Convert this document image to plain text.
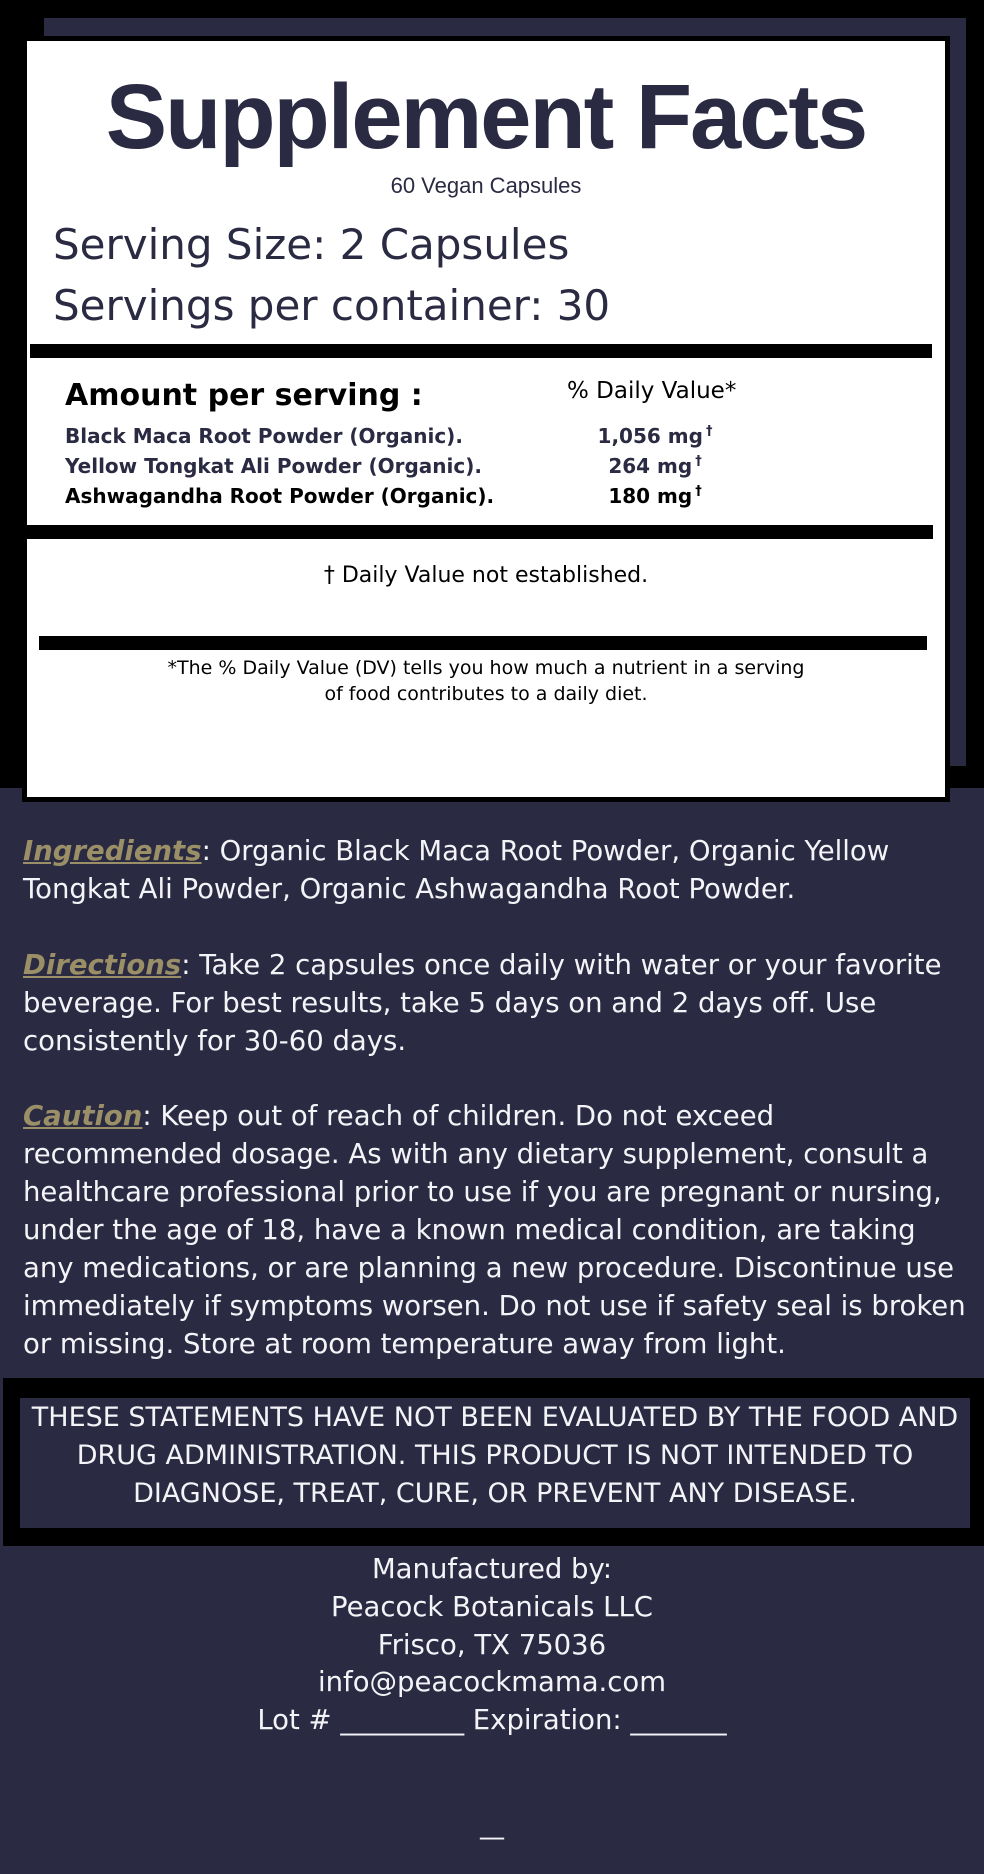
Supplement Facts
60 Vegan Capsules
Serving Size: 2 Capsules
Servings per container: 30
Amount per serving :	% Daily Value*
Black Maca Root Powder (Organic).	1,056 mg †
Yellow Tongkat Ali Powder (Organic).	264 mg †
Ashwagandha Root Powder (Organic).	180 mg †
† Daily Value not established.
*The % Daily Value (DV) tells you how much a nutrient in a serving
of food contributes to a daily diet.
Ingredients: Organic Black Maca Root Powder, Organic Yellow Tongkat Ali Powder, Organic Ashwagandha Root Powder.
Directions: Take 2 capsules once daily with water or your favorite beverage. For best results, take 5 days on and 2 days off. Use consistently for 30-60 days.
Caution: Keep out of reach of children. Do not exceed recommended dosage. As with any dietary supplement, consult a healthcare professional prior to use if you are pregnant or nursing, under the age of 18, have a known medical condition, are taking any medications, or are planning a new procedure. Discontinue use immediately if symptoms worsen. Do not use if safety seal is broken or missing. Store at room temperature away from light.
THESE STATEMENTS HAVE NOT BEEN EVALUATED BY THE FOOD AND DRUG ADMINISTRATION. THIS PRODUCT IS NOT INTENDED TO DIAGNOSE, TREAT, CURE, OR PREVENT ANY DISEASE.
Manufactured by:
Peacock Botanicals LLC
Frisco, TX 75036
info@peacockmama.com
Lot # _________ Expiration: _______
—
